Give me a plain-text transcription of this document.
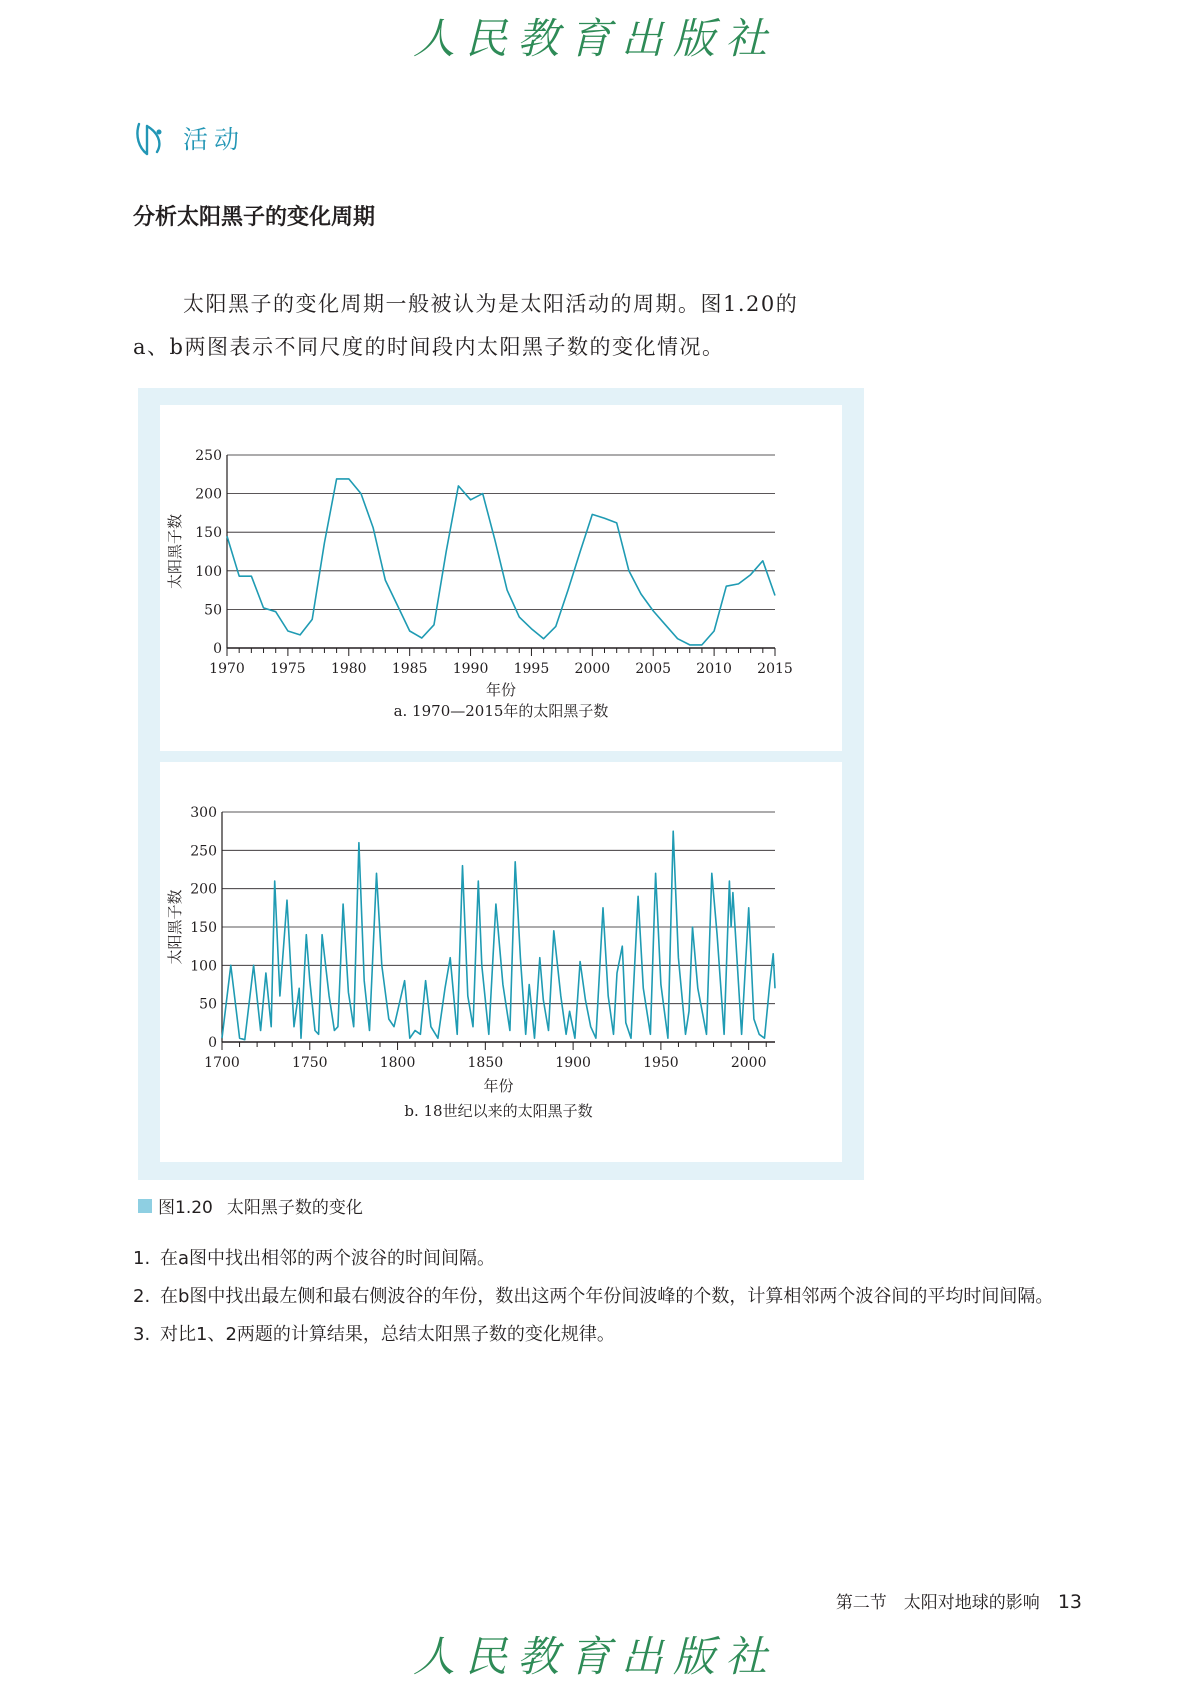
人民教育出版社
活动
分析太阳黑子的变化周期

太阳黑子的变化周期一般被认为是太阳活动的周期。图1.20的

a、b两图表示不同尺度的时间段内太阳黑子数的变化情况。

0
50
100
150
200
250
1970 1975 1980 1985 1990 1995 2000 2005 2010 2015
年份
太阳黑子数
a. 1970—2015年的太阳黑子数
0
50
100
150
200
250
300
1700	1750	1800	1850	1900	1950	2000
年份
太阳黑子数
b. 18世纪以来的太阳黑子数
图1.20 太阳黑子数的变化
1. 在a图中找出相邻的两个波谷的时间间隔。
2. 在b图中找出最左侧和最右侧波谷的年份，数出这两个年份间波峰的个数，计算相邻两个波谷间的平均时间间隔。
3. 对比1、2两题的计算结果，总结太阳黑子数的变化规律。
第二节　太阳对地球的影响 13
人民教育出版社
